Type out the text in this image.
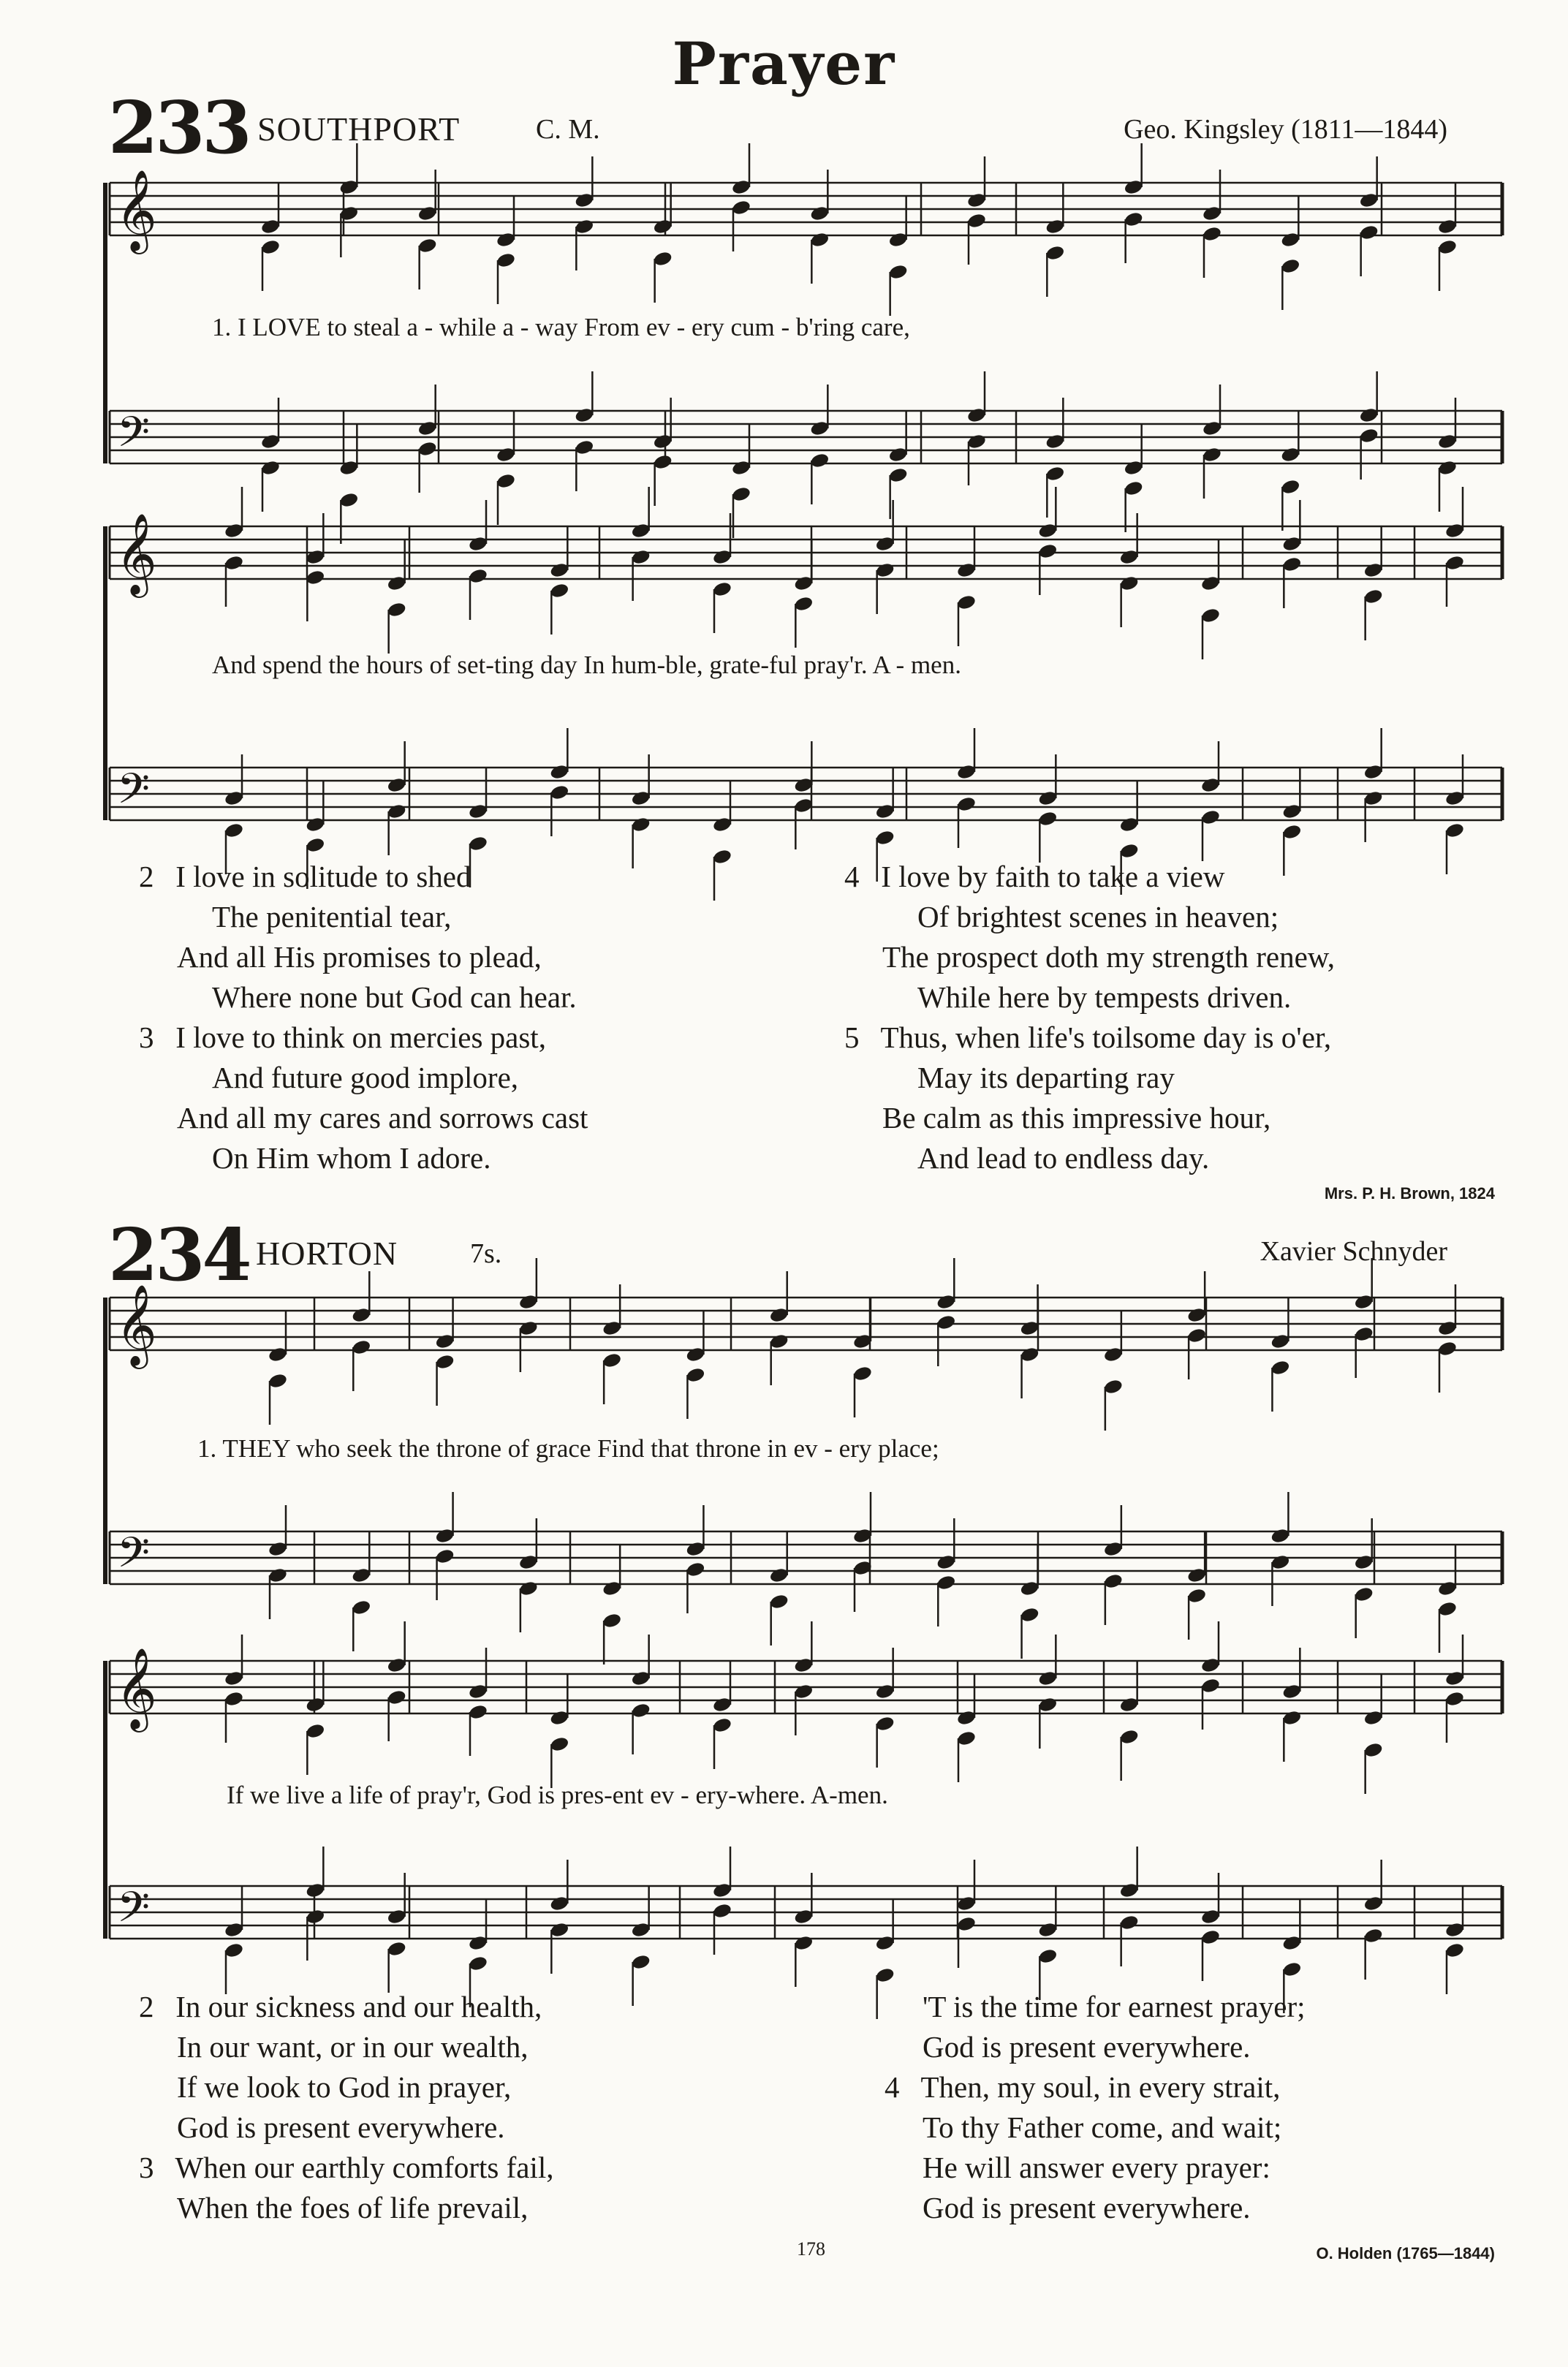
Prayer
233 SOUTHPORT	C. M.	Geo. Kingsley (1811—1844)
𝄞
𝄢
𝄞
𝄢
𝄞
𝄢
𝄞
𝄢
1. I LOVE to steal a - while a - way From ev - ery cum - b'ring care,
And spend the hours of set-ting day In hum-ble, grate-ful pray'r. A - men.
2 I love in solitude to shed
The penitential tear,
And all His promises to plead,
Where none but God can hear.
3 I love to think on mercies past,
And future good implore,
And all my cares and sorrows cast
On Him whom I adore.
4 I love by faith to take a view
Of brightest scenes in heaven;
The prospect doth my strength renew,
While here by tempests driven.
5 Thus, when life's toilsome day is o'er,
May its departing ray
Be calm as this impressive hour,
And lead to endless day.
Mrs. P. H. Brown, 1824
234 HORTON	7s.	Xavier Schnyder
1. THEY who seek the throne of grace Find that throne in ev - ery place;
If we live a life of pray'r, God is pres-ent ev - ery-where. A-men.
2 In our sickness and our health,
In our want, or in our wealth,
If we look to God in prayer,
God is present everywhere.
3 When our earthly comforts fail,
When the foes of life prevail,
'T is the time for earnest prayer;
God is present everywhere.
4 Then, my soul, in every strait,
To thy Father come, and wait;
He will answer every prayer:
God is present everywhere.
O. Holden (1765—1844)
178
